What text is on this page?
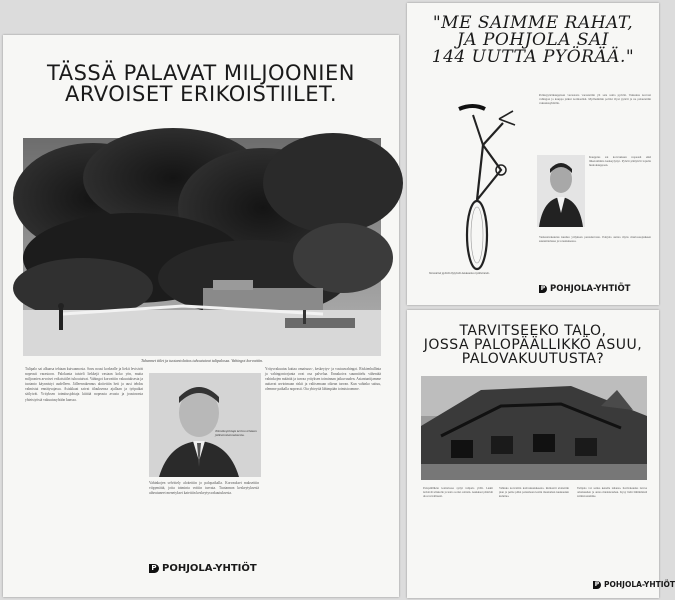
TÄSSÄ PALAVAT MILJOONIEN
ARVOISET ERIKOISTIILET.
Tuhannet tiilet ja tuotantolaitos tuhoutuivat tulipalossa. Vahingot korvattiin.
Tulipalo sai alkunsa tehtaan kuivaamosta. Savu nousi korkealle ja liekit levisivät nopeasti varastoon. Palokunta taisteli liekkejä vastaan koko yön, mutta miljoonien arvoiset erikoistiilet tuhoutuivat. Vahingot korvattiin vakuutuksesta ja tuotanto käynnistyi uudelleen. Jälleenrakennus aloitettiin heti ja uusi tehdas valmistui ennätysajassa. Asiakkaat saivat tilauksensa ajallaan ja työpaikat säilyivät. Yrityksen toimitusjohtaja kiittää nopeasta avusta ja joustavasta yhteistyöstä vakuutusyhtiön kanssa.
Toimitusjohtaja kertoo tehtaan jälleenrakennuksesta.
Vahinkojen selvittely aloitettiin jo palopaikalla. Korvaukset maksettiin viipymättä, jotta toiminta voitiin turvata. Tuotannon keskeytyksestä aiheutuneet menetykset katettiin keskeytysvakuutuksesta.
Yritysvakuutus kattaa omaisuus-, keskeytys- ja vastuuvahingot. Riskienhallinta ja vahingontorjunta ovat osa palvelua. Ennakoiva suunnittelu vähentää vahinkojen määrää ja turvaa yrityksen toiminnan jatkuvuuden. Asiantuntijamme auttavat arvioimaan riskit ja valitsemaan oikean turvan. Kun vahinko sattuu, olemme paikalla nopeasti. Ota yhteyttä lähimpään toimistoomme.
P POHJOLA-YHTIÖT
"ME SAIMME RAHAT,
JA POHJOLA SAI
144 UUTTA PYÖRÄÄ."
Polkupyöräkauppiaan varastosta varastettiin yli sata uutta pyörää. Vakuutus korvasi vahingon ja kauppa jatkui normaalisti. Myöhemmin poliisi löysi pyörät ja ne palautettiin vakuutusyhtiölle.
Kauppias sai korvauksen nopeasti eikä liiketoiminta keskeytynyt. Pyörät päätyivät lopulta huutokauppaan.
Varkausvakuutus kuuluu yrityksen perusturvaan. Pohjola auttaa myös murtosuojauksen suunnittelussa ja toteutuksessa.
Varastetut pyörät löytyivät kuukausia myöhemmin.
P POHJOLA-YHTIÖT
TARVITSEEKO TALO,
JOSSA PALOPÄÄLLIKKÖ ASUU,
PALOVAKUUTUSTA?
Palopäällikön kotitalossa syttyi tulipalo yöllä. Liekit levisivät ullakolle ja katto sortui osittain. Asukkaat pääsivät ulos turvallisesti.
Vahinko korvattiin kotivakuutuksesta. Remontti aloitettiin pian ja perhe pääsi palaamaan kotiin muutaman kuukauden kuluttua.
Tulipalo voi sattua kenelle tahansa. Kotivakuutus turvaa omaisuuden ja antaa mielenrauhan. Kysy lisää lähimmästä toimistostamme.
P POHJOLA-YHTIÖT
